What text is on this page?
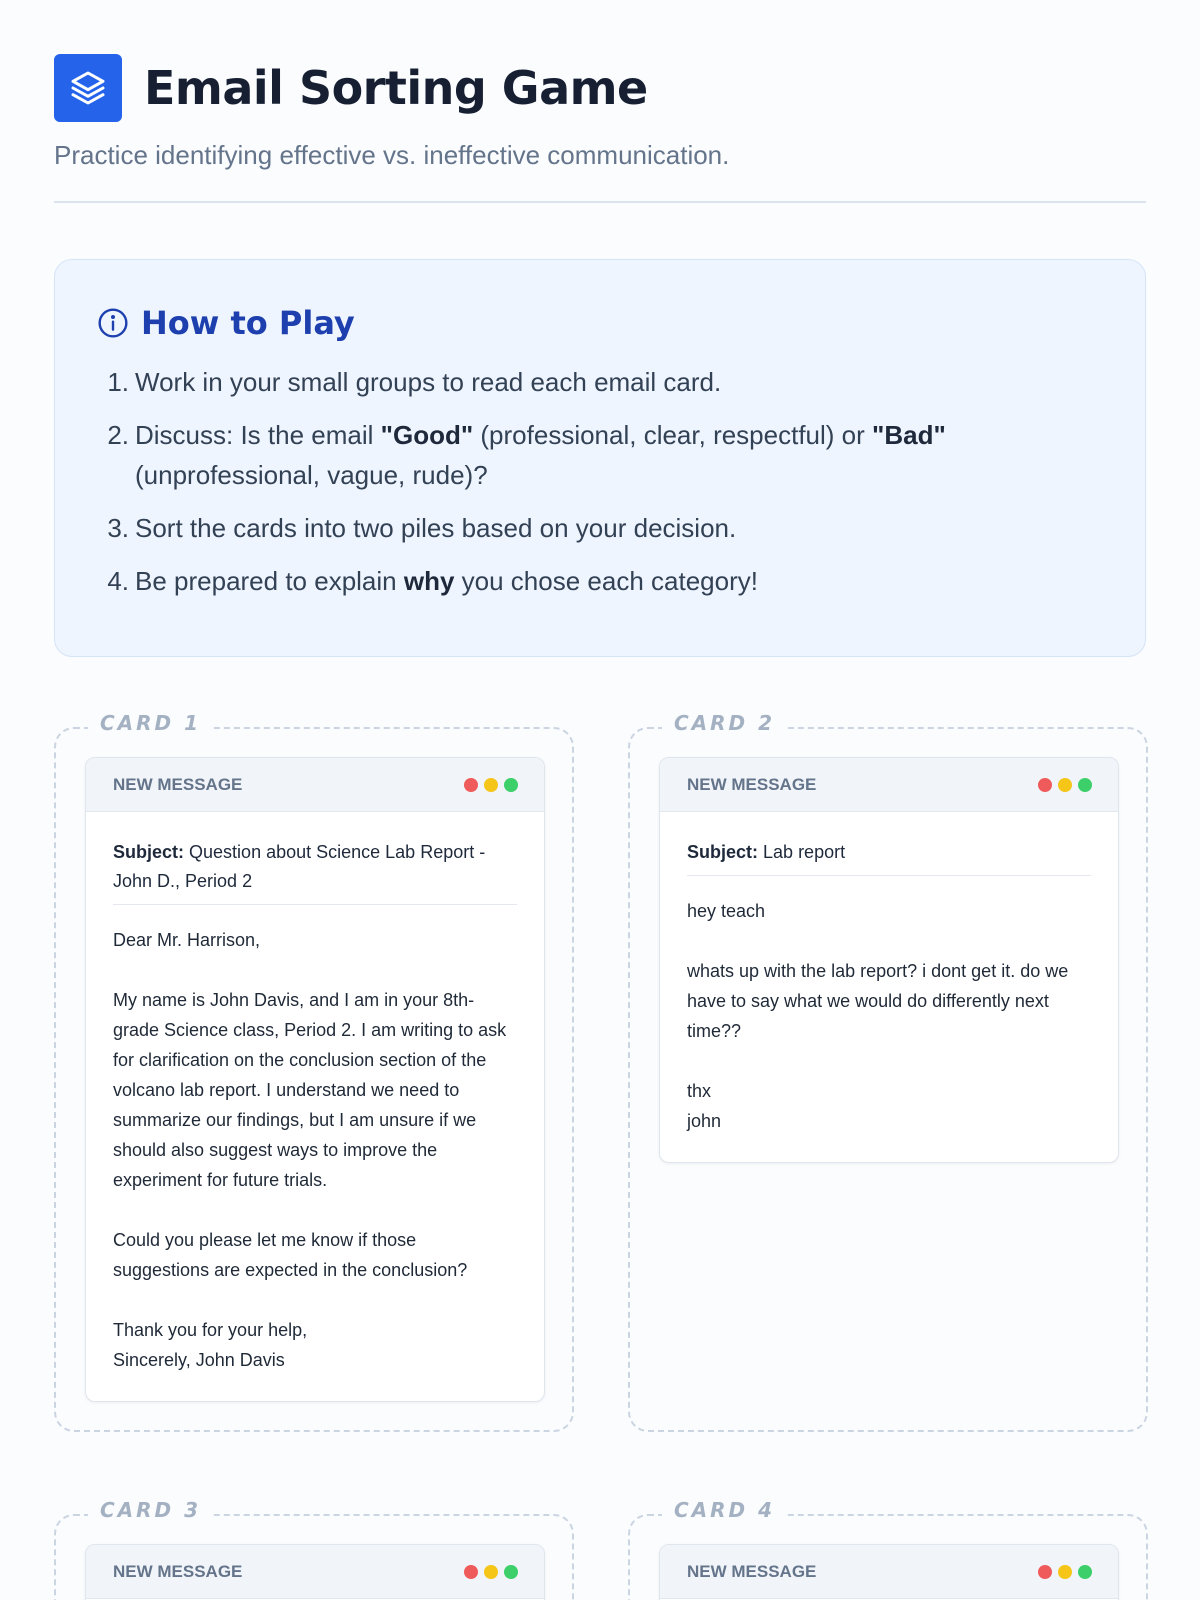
Email Sorting Game
Practice identifying effective vs. ineffective communication.
How to Play
1. Work in your small groups to read each email card.
2. Discuss: Is the email "Good" (professional, clear, respectful) or "Bad" (unprofessional, vague, rude)?
3. Sort the cards into two piles based on your decision.
4. Be prepared to explain why you chose each category!
CARD 1
NEW MESSAGE
Subject: Question about Science Lab Report - John D., Period 2
Dear Mr. Harrison,

My name is John Davis, and I am in your 8th-grade Science class, Period 2. I am writing to ask for clarification on the conclusion section of the volcano lab report. I understand we need to summarize our findings, but I am unsure if we should also suggest ways to improve the experiment for future trials.

Could you please let me know if those suggestions are expected in the conclusion?

Thank you for your help,
Sincerely, John Davis
CARD 2
NEW MESSAGE
Subject: Lab report
hey teach

whats up with the lab report? i dont get it. do we have to say what we would do differently next time??

thx
john
CARD 3
NEW MESSAGE
CARD 4
NEW MESSAGE
